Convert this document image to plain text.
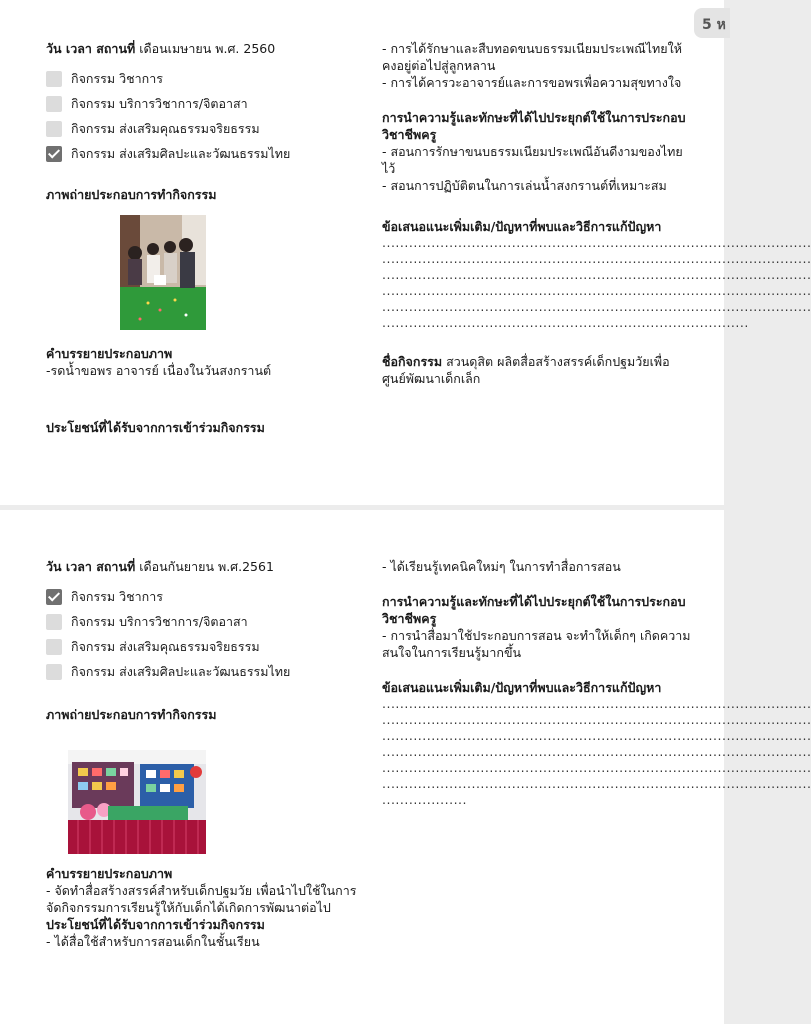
5 ห
วัน เวลา สถานที่ เดือนเมษายน พ.ศ. 2560
กิจกรรม วิชาการ
กิจกรรม บริการวิชาการ/จิตอาสา
กิจกรรม ส่งเสริมคุณธรรมจริยธรรม
กิจกรรม ส่งเสริมศิลปะและวัฒนธรรมไทย
ภาพถ่ายประกอบการทำกิจกรรม
คำบรรยายประกอบภาพ
-รดน้ำขอพร อาจารย์ เนื่องในวันสงกรานต์
ประโยชน์ที่ได้รับจากการเข้าร่วมกิจกรรม
- การได้รักษาและสืบทอดขนบธรรมเนียมประเพณีไทยให้คงอยู่ต่อไปสู่ลูกหลาน
- การได้คารวะอาจารย์และการขอพรเพื่อความสุขทางใจ
การนำความรู้และทักษะที่ได้ไปประยุกต์ใช้ในการประกอบวิชาชีพครู
- สอนการรักษาขนบธรรมเนียมประเพณีอันดีงามของไทยไว้
- สอนการปฏิบัติตนในการเล่นน้ำสงกรานต์ที่เหมาะสม
ข้อเสนอแนะเพิ่มเติม/ปัญหาที่พบและวิธีการแก้ปัญหา
................................................................................................
................................................................................................
................................................................................................
................................................................................................
................................................................................................
..................................................................................
ชื่อกิจกรรม สวนดุสิต ผลิตสื่อสร้างสรรค์เด็กปฐมวัยเพื่อศูนย์พัฒนาเด็กเล็ก
วัน เวลา สถานที่ เดือนกันยายน พ.ศ.2561
กิจกรรม วิชาการ
กิจกรรม บริการวิชาการ/จิตอาสา
กิจกรรม ส่งเสริมคุณธรรมจริยธรรม
กิจกรรม ส่งเสริมศิลปะและวัฒนธรรมไทย
ภาพถ่ายประกอบการทำกิจกรรม
คำบรรยายประกอบภาพ
- จัดทำสื่อสร้างสรรค์สำหรับเด็กปฐมวัย เพื่อนำไปใช้ในการจัดกิจกรรมการเรียนรู้ให้กับเด็กได้เกิดการพัฒนาต่อไป
ประโยชน์ที่ได้รับจากการเข้าร่วมกิจกรรม
- ได้สื่อใช้สำหรับการสอนเด็กในชั้นเรียน
- ได้เรียนรู้เทคนิคใหม่ๆ ในการทำสื่อการสอน
การนำความรู้และทักษะที่ได้ไปประยุกต์ใช้ในการประกอบวิชาชีพครู
- การนำสื่อมาใช้ประกอบการสอน จะทำให้เด็กๆ เกิดความสนใจในการเรียนรู้มากขึ้น
ข้อเสนอแนะเพิ่มเติม/ปัญหาที่พบและวิธีการแก้ปัญหา
................................................................................................
................................................................................................
................................................................................................
................................................................................................
................................................................................................
................................................................................................
...................
